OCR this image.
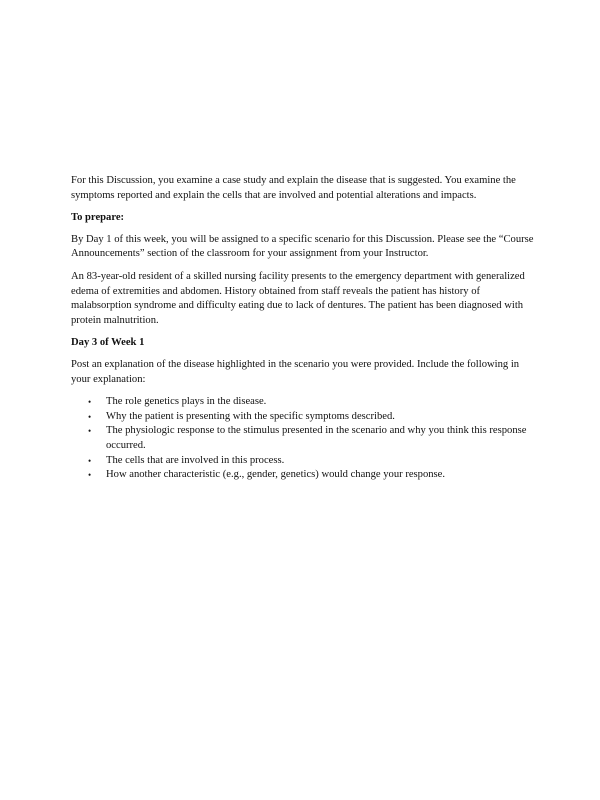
For this Discussion, you examine a case study and explain the disease that is suggested. You examine the symptoms reported and explain the cells that are involved and potential alterations and impacts.

To prepare:

By Day 1 of this week, you will be assigned to a specific scenario for this Discussion. Please see the “Course Announcements” section of the classroom for your assignment from your Instructor.

An 83-year-old resident of a skilled nursing facility presents to the emergency department with generalized edema of extremities and abdomen. History obtained from staff reveals the patient has history of malabsorption syndrome and difficulty eating due to lack of dentures. The patient has been diagnosed with protein malnutrition.

Day 3 of Week 1

Post an explanation of the disease highlighted in the scenario you were provided. Include the following in your explanation:

• The role genetics plays in the disease.
• Why the patient is presenting with the specific symptoms described.
• The physiologic response to the stimulus presented in the scenario and why you think this response occurred.
• The cells that are involved in this process.
• How another characteristic (e.g., gender, genetics) would change your response.
